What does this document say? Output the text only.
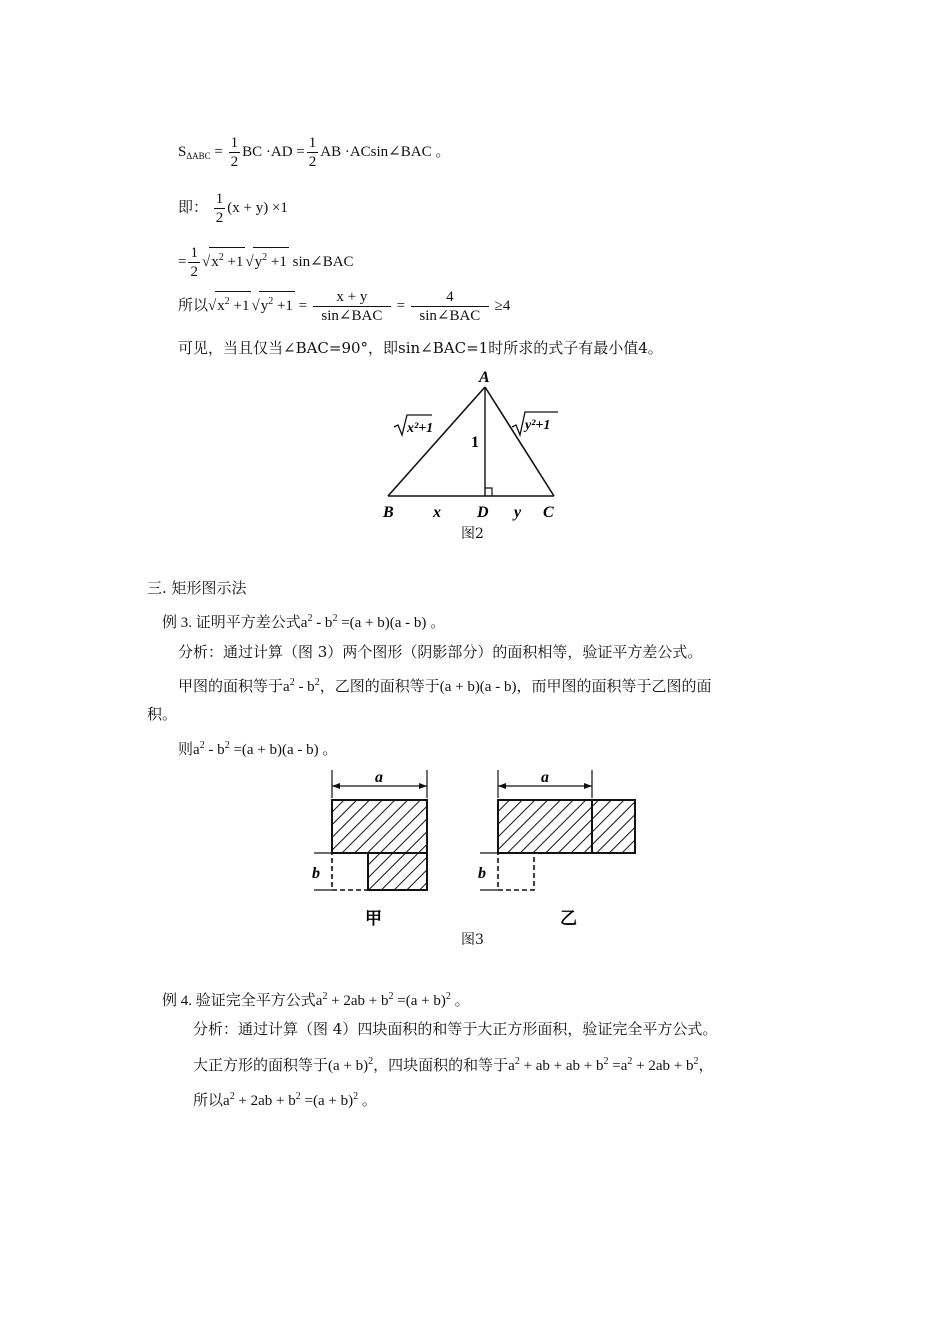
$S_{\Delta ABC} = \frac{1}{2}$ BC $\cdot AD = \frac{1}{2}$ AB ·ACsin∠BAC 。
即： $\frac{1}{2} (x + y) \times 1$
= $\frac{1}{2} √x^2 +1$ $√y^2 +1$ sin∠BAC
所以$√x^2 +1$ $√y^2 +1 = \frac{x + y}{\text{sin∠BAC}} = \frac{4}{\text{sin∠BAC}} \ge 4$
可见，当且仅当∠BAC=90°，即sin∠BAC=1时所求的式子有最小值4。
A
B	C
D
x	y
1
x²+1	y²+1
图2
三. 矩形图示法
例 3. 证明平方差公式$a^2 - b^2 =(a + b)(a - b)$ 。
分析：通过计算（图 3）两个图形（阴影部分）的面积相等，验证平方差公式。
甲图的面积等于$a^2 - b^2$，乙图的面积等于(a + b)(a - b)，而甲图的面积等于乙图的面
积。
则$a^2 - b^2 =(a + b)(a - b)$ 。
a
b
甲
a
b
乙
图3
例 4. 验证完全平方公式$a^2 + 2ab + b^2 =(a + b)^2$ 。
分析：通过计算（图 4）四块面积的和等于大正方形面积，验证完全平方公式。
大正方形的面积等于$(a + b)^2$，四块面积的和等于$a^2$ + ab + ab + $b^2 =a^2 + 2ab + b^2$，
所以$a^2 + 2ab + b^2 =(a + b)^2$ 。
